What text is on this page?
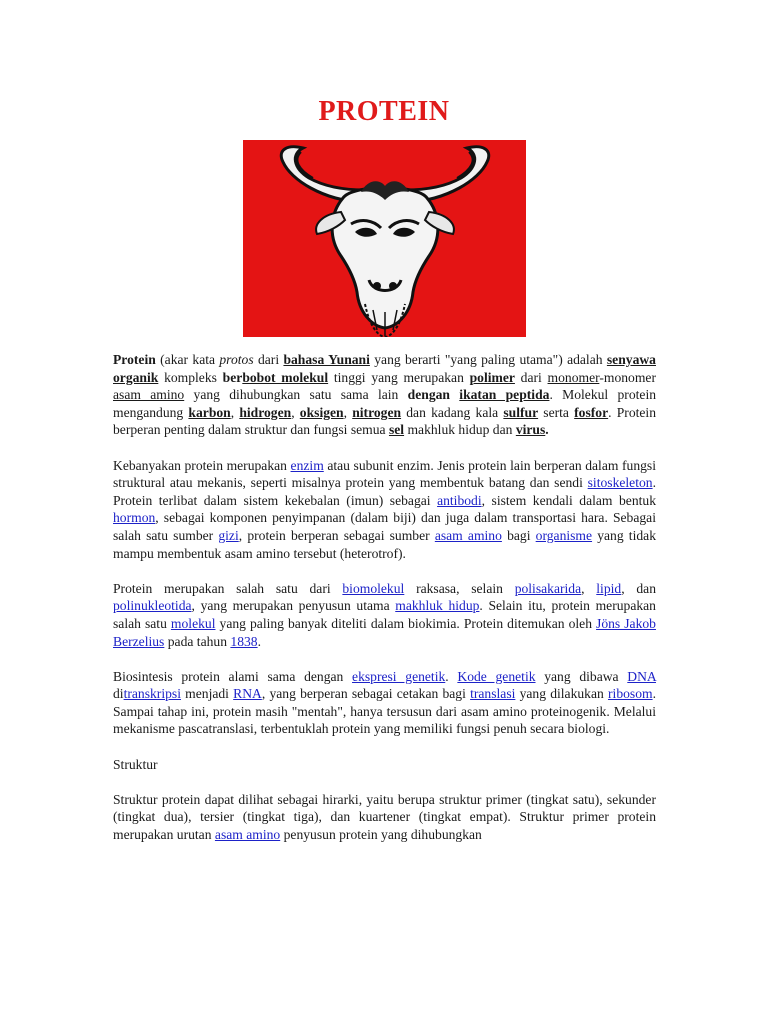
PROTEIN

Protein (akar kata protos dari bahasa Yunani yang berarti "yang paling utama") adalah senyawa organik kompleks berbobot molekul tinggi yang merupakan polimer dari monomer-monomer asam amino yang dihubungkan satu sama lain dengan ikatan peptida. Molekul protein mengandung karbon, hidrogen, oksigen, nitrogen dan kadang kala sulfur serta fosfor. Protein berperan penting dalam struktur dan fungsi semua sel makhluk hidup dan virus.

Kebanyakan protein merupakan enzim atau subunit enzim. Jenis protein lain berperan dalam fungsi struktural atau mekanis, seperti misalnya protein yang membentuk batang dan sendi sitoskeleton. Protein terlibat dalam sistem kekebalan (imun) sebagai antibodi, sistem kendali dalam bentuk hormon, sebagai komponen penyimpanan (dalam biji) dan juga dalam transportasi hara. Sebagai salah satu sumber gizi, protein berperan sebagai sumber asam amino bagi organisme yang tidak mampu membentuk asam amino tersebut (heterotrof).

Protein merupakan salah satu dari biomolekul raksasa, selain polisakarida, lipid, dan polinukleotida, yang merupakan penyusun utama makhluk hidup. Selain itu, protein merupakan salah satu molekul yang paling banyak diteliti dalam biokimia. Protein ditemukan oleh Jöns Jakob Berzelius pada tahun 1838.

Biosintesis protein alami sama dengan ekspresi genetik. Kode genetik yang dibawa DNA ditranskripsi menjadi RNA, yang berperan sebagai cetakan bagi translasi yang dilakukan ribosom. Sampai tahap ini, protein masih "mentah", hanya tersusun dari asam amino proteinogenik. Melalui mekanisme pascatranslasi, terbentuklah protein yang memiliki fungsi penuh secara biologi.

Struktur

Struktur protein dapat dilihat sebagai hirarki, yaitu berupa struktur primer (tingkat satu), sekunder (tingkat dua), tersier (tingkat tiga), dan kuartener (tingkat empat). Struktur primer protein merupakan urutan asam amino penyusun protein yang dihubungkan
